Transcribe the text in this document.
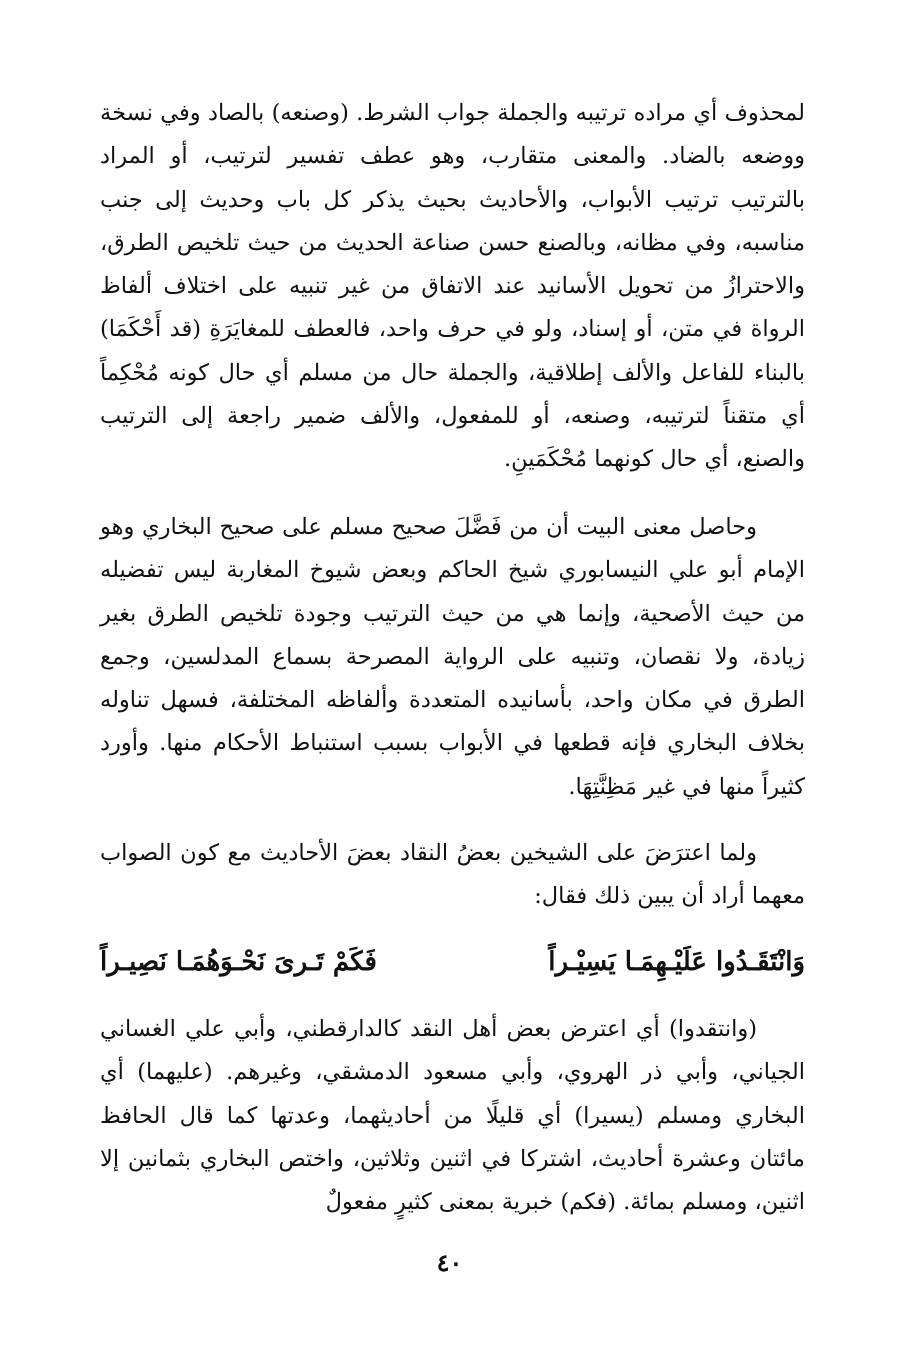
لمحذوف أي مراده ترتيبه والجملة جواب الشرط. (وصنعه) بالصاد وفي نسخة ووضعه بالضاد. والمعنى متقارب، وهو عطف تفسير لترتيب، أو المراد بالترتيب ترتيب الأبواب، والأحاديث بحيث يذكر كل باب وحديث إلى جنب مناسبه، وفي مظانه، وبالصنع حسن صناعة الحديث من حيث تلخيص الطرق، والاحترازُ من تحويل الأسانيد عند الاتفاق من غير تنبيه على اختلاف ألفاظ الرواة في متن، أو إسناد، ولو في حرف واحد، فالعطف للمغايَرَةِ (قد أَحْكَمَا) بالبناء للفاعل والألف إطلاقية، والجملة حال من مسلم أي حال كونه مُحْكِماً أي متقناً لترتيبه، وصنعه، أو للمفعول، والألف ضمير راجعة إلى الترتيب والصنع، أي حال كونهما مُحْكَمَينِ.

وحاصل معنى البيت أن من فَضَّلَ صحيح مسلم على صحيح البخاري وهو الإمام أبو علي النيسابوري شيخ الحاكم وبعض شيوخ المغاربة ليس تفضيله من حيث الأصحية، وإنما هي من حيث الترتيب وجودة تلخيص الطرق بغير زيادة، ولا نقصان، وتنبيه على الرواية المصرحة بسماع المدلسين، وجمع الطرق في مكان واحد، بأسانيده المتعددة وألفاظه المختلفة، فسهل تناوله بخلاف البخاري فإنه قطعها في الأبواب بسبب استنباط الأحكام منها. وأورد كثيراً منها في غير مَظِنَّتِهَا.

ولما اعترَضَ على الشيخين بعضُ النقاد بعضَ الأحاديث مع كون الصواب معهما أراد أن يبين ذلك فقال:

وَانْتَقَـدُوا عَلَيْـهِمَـا يَسِيْـراً
فَكَمْ تَـرىَ نَحْـوَهُمَـا نَصِيـراً

(وانتقدوا) أي اعترض بعض أهل النقد كالدارقطني، وأبي علي الغساني الجياني، وأبي ذر الهروي، وأبي مسعود الدمشقي، وغيرهم. (عليهما) أي البخاري ومسلم (يسيرا) أي قليلًا من أحاديثهما، وعدتها كما قال الحافظ مائتان وعشرة أحاديث، اشتركا في اثنين وثلاثين، واختص البخاري بثمانين إلا اثنين، ومسلم بمائة. (فكم) خبرية بمعنى كثيرٍ مفعولٌ

٤٠
